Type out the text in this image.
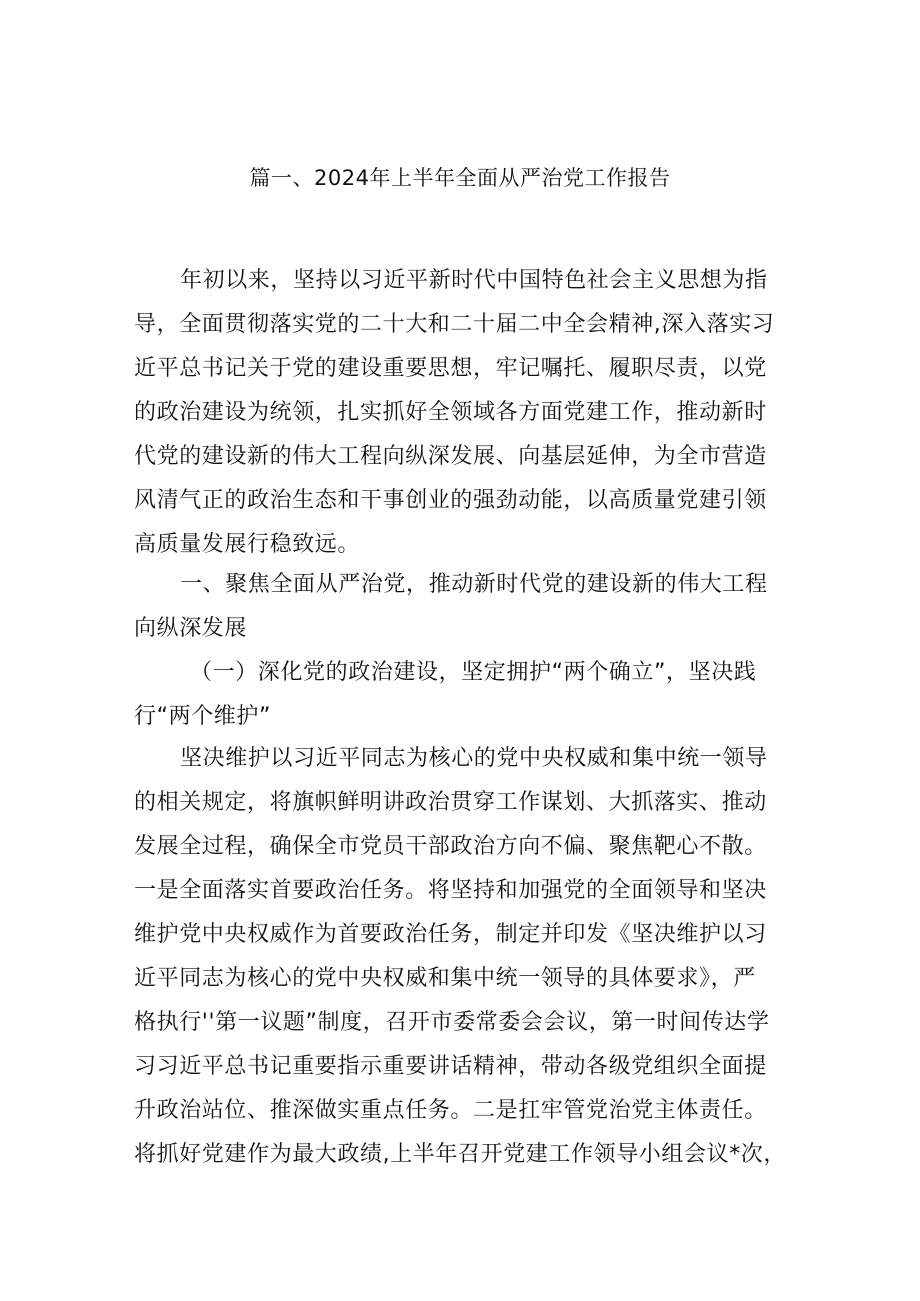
篇一、2024年上半年全面从严治党工作报告
年初以来，坚持以习近平新时代中国特色社会主义思想为指
导，全面贯彻落实党的二十大和二十届二中全会精神,深入落实习
近平总书记关于党的建设重要思想，牢记嘱托、履职尽责，以党
的政治建设为统领，扎实抓好全领域各方面党建工作，推动新时
代党的建设新的伟大工程向纵深发展、向基层延伸，为全市营造
风清气正的政治生态和干事创业的强劲动能，以高质量党建引领
高质量发展行稳致远。
一、聚焦全面从严治党，推动新时代党的建设新的伟大工程
向纵深发展
（一）深化党的政治建设，坚定拥护“两个确立”，坚决践
行“两个维护”
坚决维护以习近平同志为核心的党中央权威和集中统一领导
的相关规定，将旗帜鲜明讲政治贯穿工作谋划、大抓落实、推动
发展全过程，确保全市党员干部政治方向不偏、聚焦靶心不散。
一是全面落实首要政治任务。将坚持和加强党的全面领导和坚决
维护党中央权威作为首要政治任务，制定并印发《坚决维护以习
近平同志为核心的党中央权威和集中统一领导的具体要求》，严
格执行''第一议题”制度，召开市委常委会会议，第一时间传达学
习习近平总书记重要指示重要讲话精神，带动各级党组织全面提
升政治站位、推深做实重点任务。二是扛牢管党治党主体责任。
将抓好党建作为最大政绩,上半年召开党建工作领导小组会议*次，
